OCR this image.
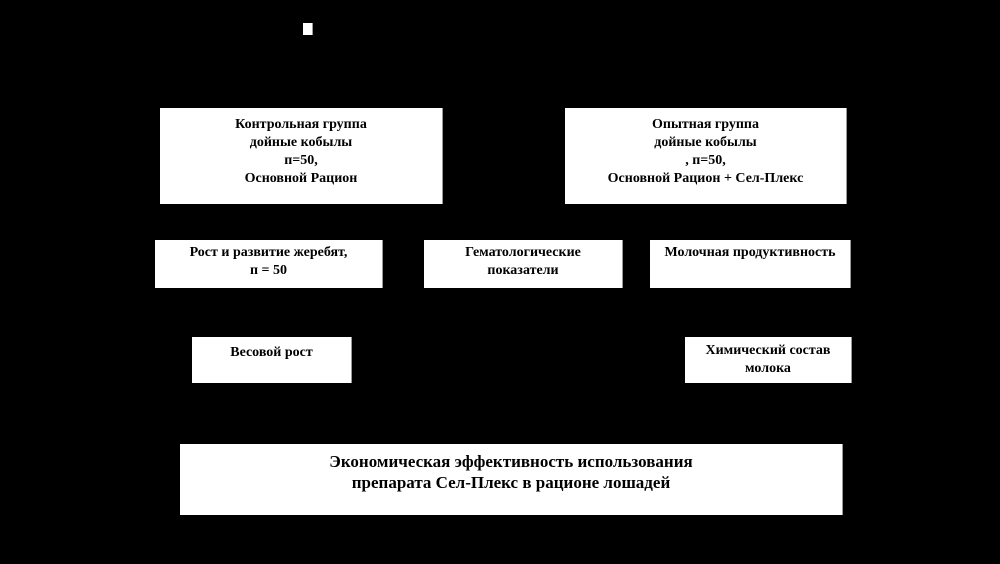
Контрольная группа
дойные кобылы
п=50,
Основной Рацион
Опытная группа
дойные кобылы
, п=50,
Основной Рацион + Сел-Плекс
Рост и развитие жеребят,
п = 50
Гематологические
показатели
Молочная продуктивность
Весовой рост	Химический состав
молока
Экономическая эффективность использования
препарата Сел-Плекс в рационе лошадей
